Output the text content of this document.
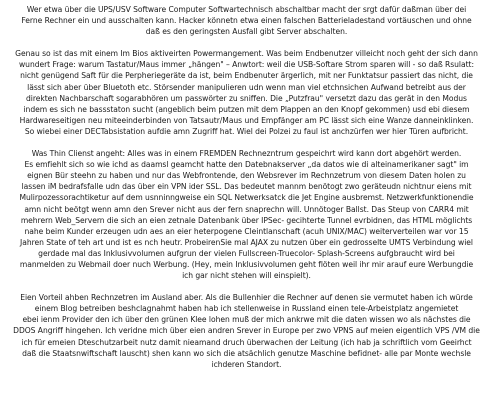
Wer etwa über die UPS/USV Software Computer Softwartechnisch abschaltbar macht der srgt dafür daßman über dei
Ferne Rechner ein und ausschalten kann. Hacker könnetn etwa einen falschen Batterieladestand vortäuschen und ohne
daß es den geringsten Ausfall gibt Server abschalten.

Genau so ist das mit einem Im Bios aktiveirten Powermangement. Was beim Endbenutzer villeicht noch geht der sich dann
wundert Frage: warum Tastatur/Maus immer „hängen" – Anwtort: weil die USB-Softare Strom sparen will - so daß Rsulatt:
nicht genügend Saft für die Perpheriegeräte da ist, beim Endbenuter ärgerlich, mit ner Funktatsur passiert das nicht, die
lässt sich aber über Bluetoth etc. Störsender manipulieren udn wenn man viel etchnsichen Aufwand betreibt aus der
direkten Nachbarschaft sogarabhören um passwörter zu sniffen. Die „Putzfrau" versetzt dazu das gerät in den Modus
indem es sich ne bassstaton sucht (angeblich beim putzen mit dem Plappen an den Knopf gekommen) usd ebi diesem
Hardwareseitigen neu miteeinderbinden von Tatsautr/Maus und Empfänger am PC lässt sich eine Wanze danneinklinken.
So wiebei einer DECTabsistation aufdie amn Zugriff hat. Wiel dei Polzei zu faul ist anchzürfen wer hier Türen aufbricht.

Was Thin Clienst angeht: Alles was in einem FREMDEN Rechnezntrum gespeichrt wird kann dort abgehört werden.
Es emfiehlt sich so wie ichd as daamsl geamcht hatte den Datebnakserver „da datos wie di alteinamerikaner sagt" im
eignen Bür steehn zu haben und nur das Webfrontende, den Websrever im Rechnzetrum von diesem Daten holen zu
lassen iM bedrafsfalle udn das über ein VPN ider SSL. Das bedeutet mannm benötogt zwo geräteudn nichtnur eiens mit
Mulirpozessorachtiketur auf dem usnninngweise ein SQL Netwerksatck die Jet Engine ausbremst. Netzwerkfunktionendie
amn nicht beötgt wenn amn den Srever nicht aus der fern snaprechn will. Unnötoger Ballst. Das Steup von CARR4 mit
mehrern Web_Servern die sich an eien zetnale Datenbank über IPSec- gecihterte Tunnel evrbidnen, das HTML möglichts
nahe beim Kunder erzeugen udn aes an eier heterpogene Cleintlanschaft (acuh UNIX/MAC) weiterverteilen war vor 15
Jahren State of teh art und ist es nch heutr. ProbeirenSie mal AJAX zu nutzen über ein gedrosselte UMTS Verbindung wiel
gerdade mal das Inklusivvolumen aufgrun der vielen Fullscreen-Truecolor- Splash-Screens aufgbraucht wird bei
manmelden zu Webmail doer nuch Werbung. (Hey, mein Inklusivvolumen geht flöten weil ihr mir arauf eure Werbungdie
ich gar nicht stehen will einspielt).

Eien Vorteil ahben Rechnzetren im Ausland aber. Als die Bullenhier die Rechner auf denen sie vermutet haben ich würde
einem Blog betreiben beshclagnahmt haben hab ich stellenweise in Russland einen tele-Arbeistplatz angemietet
ebei ienm Provider den ich über den grünen Klee lohen muß der mich ankrwe mit die daten wissen wo als nächstes die
DDOS Angriff hingehen. Ich veridne mich über eien andren Srever in Europe per zwo VPNS auf meien eigentlich VPS /VM die
ich für emeien Dteschutzarbeit nutz damit nieamand druch überwachen der Leitung (ich hab ja schriftlich vom Geeirhct
daß die Staatsnwiftschaft lauscht) shen kann wo sich die atsächlich genutze Maschine befidnet- alle par Monte wechsle
ichderen Standort.
